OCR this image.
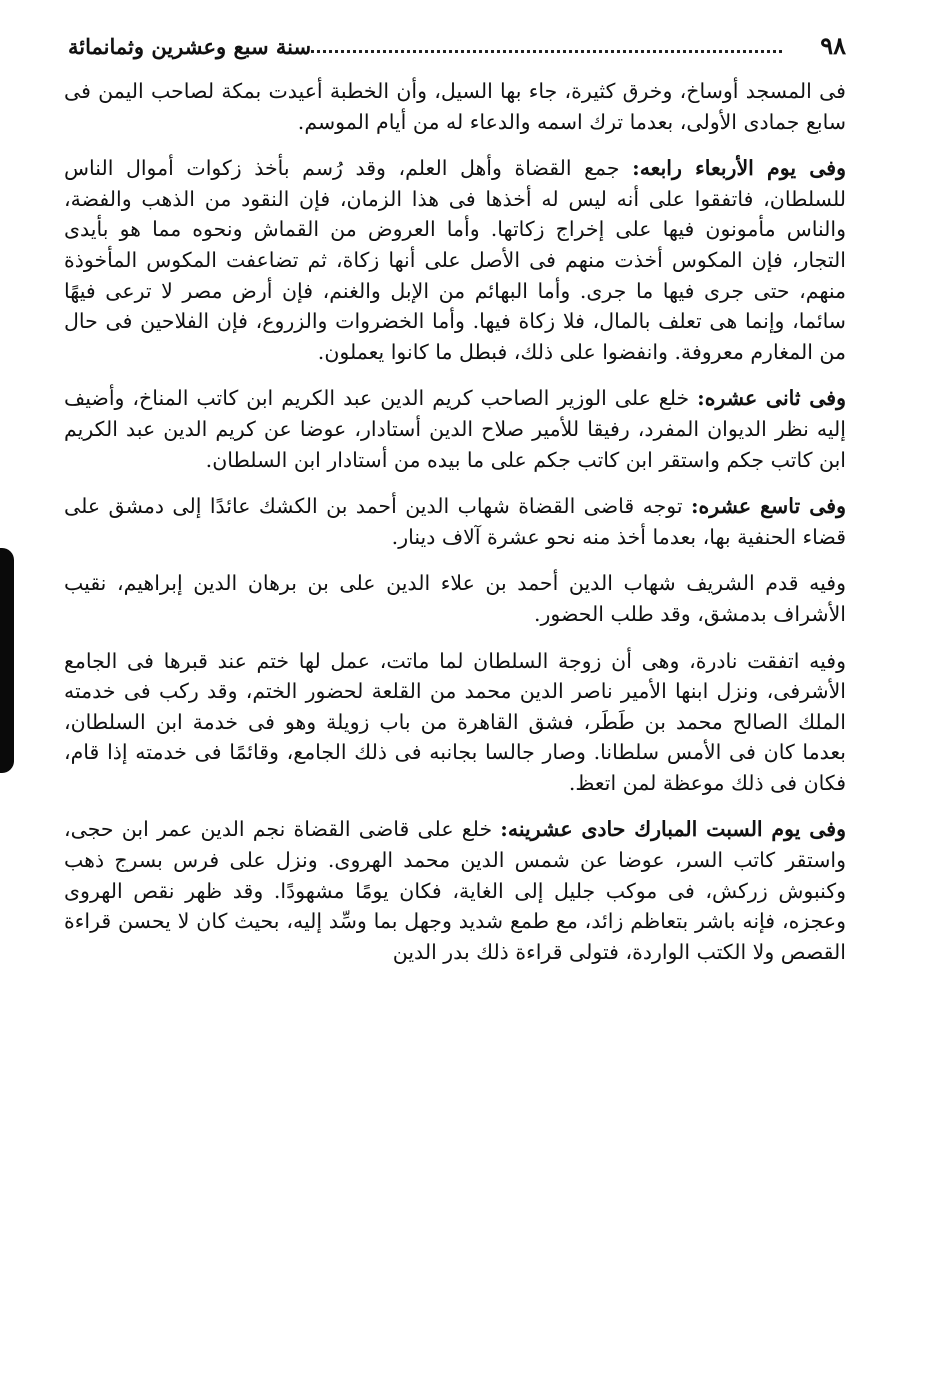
٩٨
سنة سبع وعشرين وثمانمائة

فى المسجد أوساخ، وخرق كثيرة، جاء بها السيل، وأن الخطبة أعيدت بمكة لصاحب اليمن فى سابع جمادى الأولى، بعدما ترك اسمه والدعاء له من أيام الموسم.

وفى يوم الأربعاء رابعه: جمع القضاة وأهل العلم، وقد رُسم بأخذ زكوات أموال الناس للسلطان، فاتفقوا على أنه ليس له أخذها فى هذا الزمان، فإن النقود من الذهب والفضة، والناس مأمونون فيها على إخراج زكاتها. وأما العروض من القماش ونحوه مما هو بأيدى التجار، فإن المكوس أخذت منهم فى الأصل على أنها زكاة، ثم تضاعفت المكوس المأخوذة منهم، حتى جرى فيها ما جرى. وأما البهائم من الإبل والغنم، فإن أرض مصر لا ترعى فيهًا سائما، وإنما هى تعلف بالمال، فلا زكاة فيها. وأما الخضروات والزروع، فإن الفلاحين فى حال من المغارم معروفة. وانفضوا على ذلك، فبطل ما كانوا يعملون.

وفى ثانى عشره: خلع على الوزير الصاحب كريم الدين عبد الكريم ابن كاتب المناخ، وأضيف إليه نظر الديوان المفرد، رفيقا للأمير صلاح الدين أستادار، عوضا عن كريم الدين عبد الكريم ابن كاتب جكم واستقر ابن كاتب جكم على ما بيده من أستادار ابن السلطان.

وفى تاسع عشره: توجه قاضى القضاة شهاب الدين أحمد بن الكشك عائدًا إلى دمشق على قضاء الحنفية بها، بعدما أخذ منه نحو عشرة آلاف دينار.

وفيه قدم الشريف شهاب الدين أحمد بن علاء الدين على بن برهان الدين إبراهيم، نقيب الأشراف بدمشق، وقد طلب الحضور.

وفيه اتفقت نادرة، وهى أن زوجة السلطان لما ماتت، عمل لها ختم عند قبرها فى الجامع الأشرفى، ونزل ابنها الأمير ناصر الدين محمد من القلعة لحضور الختم، وقد ركب فى خدمته الملك الصالح محمد بن طَطَر، فشق القاهرة من باب زويلة وهو فى خدمة ابن السلطان، بعدما كان فى الأمس سلطانا. وصار جالسا بجانبه فى ذلك الجامع، وقائمًا فى خدمته إذا قام، فكان فى ذلك موعظة لمن اتعظ.

وفى يوم السبت المبارك حادى عشرينه: خلع على قاضى القضاة نجم الدين عمر ابن حجى، واستقر كاتب السر، عوضا عن شمس الدين محمد الهروى. ونزل على فرس بسرج ذهب وكنبوش زركش، فى موكب جليل إلى الغاية، فكان يومًا مشهودًا. وقد ظهر نقص الهروى وعجزه، فإنه باشر بتعاظم زائد، مع طمع شديد وجهل بما وسِّد إليه، بحيث كان لا يحسن قراءة القصص ولا الكتب الواردة، فتولى قراءة ذلك بدر الدين
